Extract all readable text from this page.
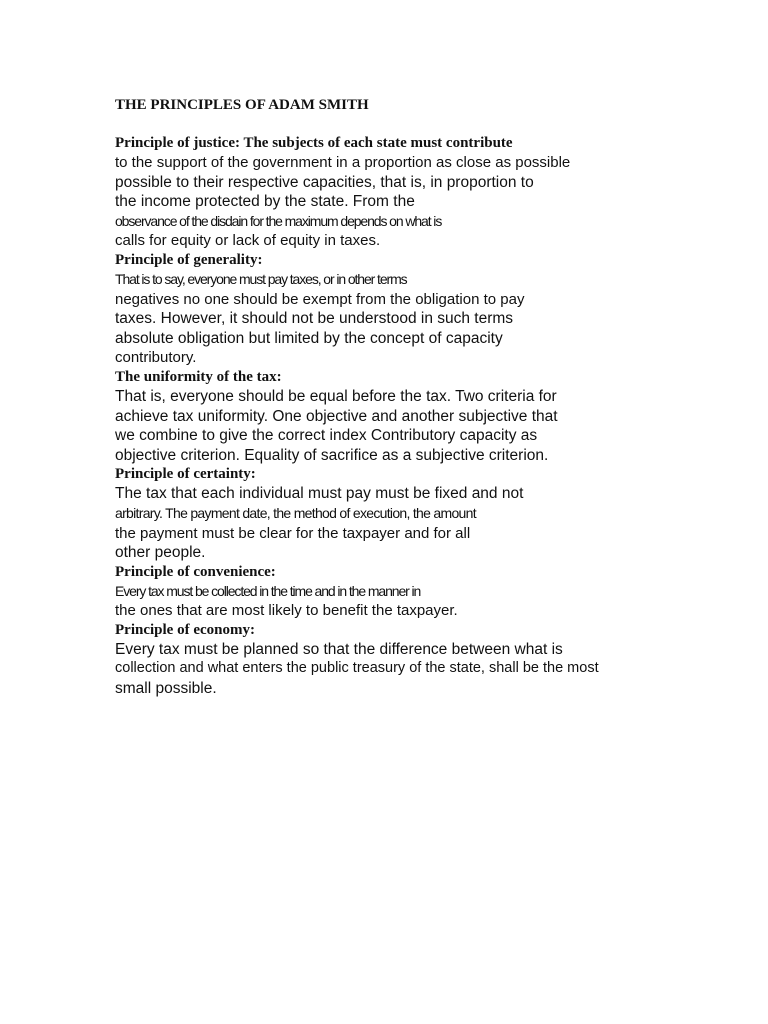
THE PRINCIPLES OF ADAM SMITH
Principle of justice: The subjects of each state must contribute
to the support of the government in a proportion as close as possible
possible to their respective capacities, that is, in proportion to
the income protected by the state. From the
observance of the disdain for the maximum depends on what is
calls for equity or lack of equity in taxes.
Principle of generality:
That is to say, everyone must pay taxes, or in other terms
negatives no one should be exempt from the obligation to pay
taxes. However, it should not be understood in such terms
absolute obligation but limited by the concept of capacity
contributory.
The uniformity of the tax:
That is, everyone should be equal before the tax. Two criteria for
achieve tax uniformity. One objective and another subjective that
we combine to give the correct index Contributory capacity as
objective criterion. Equality of sacrifice as a subjective criterion.
Principle of certainty:
The tax that each individual must pay must be fixed and not
arbitrary. The payment date, the method of execution, the amount
the payment must be clear for the taxpayer and for all
other people.
Principle of convenience:
Every tax must be collected in the time and in the manner in
the ones that are most likely to benefit the taxpayer.
Principle of economy:
Every tax must be planned so that the difference between what is
collection and what enters the public treasury of the state, shall be the most
small possible.
